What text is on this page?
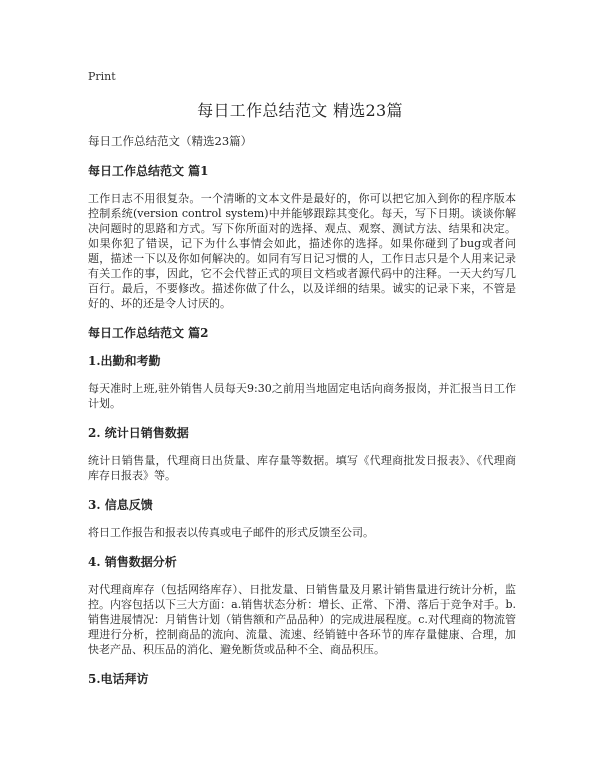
Print
每日工作总结范文 精选23篇

每日工作总结范文（精选23篇）

每日工作总结范文 篇1

工作日志不用很复杂。一个清晰的文本文件是最好的，你可以把它加入到你的程序版本控制系统(version control system)中并能够跟踪其变化。每天，写下日期。谈谈你解决问题时的思路和方式。写下你所面对的选择、观点、观察、测试方法、结果和决定。如果你犯了错误，记下为什么事情会如此，描述你的选择。如果你碰到了bug或者问题，描述一下以及你如何解决的。如同有写日记习惯的人，工作日志只是个人用来记录有关工作的事，因此，它不会代替正式的项目文档或者源代码中的注释。一天大约写几百行。最后，不要修改。描述你做了什么，以及详细的结果。诚实的记录下来，不管是好的、坏的还是令人讨厌的。

每日工作总结范文 篇2
1.出勤和考勤

每天准时上班,驻外销售人员每天9:30之前用当地固定电话向商务报岗，并汇报当日工作计划。

2. 统计日销售数据

统计日销售量，代理商日出货量、库存量等数据。填写《代理商批发日报表》、《代理商库存日报表》等。

3. 信息反馈

将日工作报告和报表以传真或电子邮件的形式反馈至公司。

4. 销售数据分析

对代理商库存（包括网络库存）、日批发量、日销售量及月累计销售量进行统计分析，监控。内容包括以下三大方面：a.销售状态分析：增长、正常、下滑、落后于竞争对手。b.销售进展情况：月销售计划（销售额和产品品种）的完成进展程度。c.对代理商的物流管理进行分析，控制商品的流向、流量、流速、经销链中各环节的库存量健康、合理，加快老产品、积压品的消化、避免断货或品种不全、商品积压。

5.电话拜访
